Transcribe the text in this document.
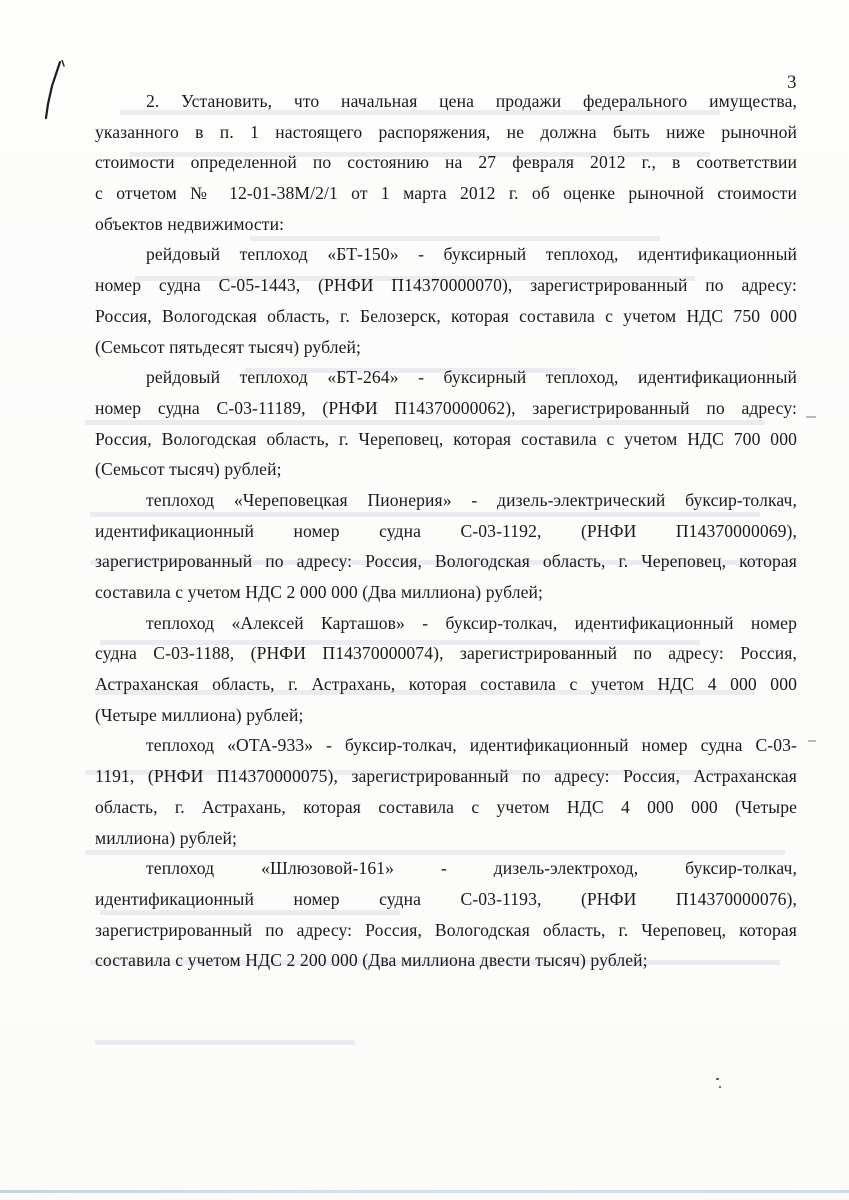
3
2. Установить, что начальная цена продажи федерального имущества,
указанного в п. 1 настоящего распоряжения, не должна быть ниже рыночной
стоимости определенной по состоянию на 27 февраля 2012 г., в соответствии
с отчетом № 12-01-38М/2/1 от 1 марта 2012 г. об оценке рыночной стоимости
объектов недвижимости:
рейдовый теплоход «БТ-150» - буксирный теплоход, идентификационный
номер судна С-05-1443, (РНФИ П14370000070), зарегистрированный по адресу:
Россия, Вологодская область, г. Белозерск, которая составила с учетом НДС 750 000
(Семьсот пятьдесят тысяч) рублей;
рейдовый теплоход «БТ-264» - буксирный теплоход, идентификационный
номер судна С-03-11189, (РНФИ П14370000062), зарегистрированный по адресу:
Россия, Вологодская область, г. Череповец, которая составила с учетом НДС 700 000
(Семьсот тысяч) рублей;
теплоход «Череповецкая Пионерия» - дизель-электрический буксир-толкач,
идентификационный номер судна С-03-1192, (РНФИ П14370000069),
зарегистрированный по адресу: Россия, Вологодская область, г. Череповец, которая
составила с учетом НДС 2 000 000 (Два миллиона) рублей;
теплоход «Алексей Карташов» - буксир-толкач, идентификационный номер
судна С-03-1188, (РНФИ П14370000074), зарегистрированный по адресу: Россия,
Астраханская область, г. Астрахань, которая составила с учетом НДС 4 000 000
(Четыре миллиона) рублей;
теплоход «ОТА-933» - буксир-толкач, идентификационный номер судна С-03-
1191, (РНФИ П14370000075), зарегистрированный по адресу: Россия, Астраханская
область, г. Астрахань, которая составила с учетом НДС 4 000 000 (Четыре
миллиона) рублей;
теплоход «Шлюзовой-161» - дизель-электроход, буксир-толкач,
идентификационный номер судна С-03-1193, (РНФИ П14370000076),
зарегистрированный по адресу: Россия, Вологодская область, г. Череповец, которая
составила с учетом НДС 2 200 000 (Два миллиона двести тысяч) рублей;
